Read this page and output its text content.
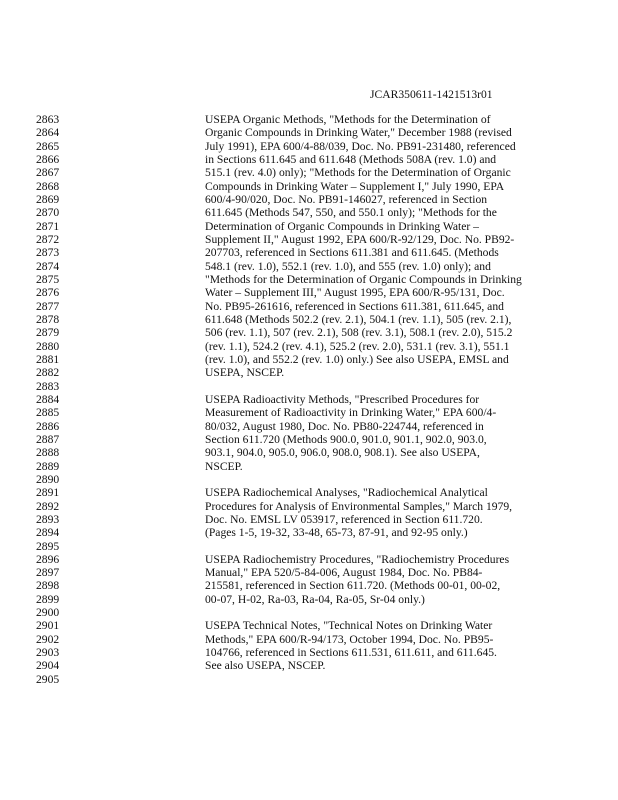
JCAR350611-1421513r01
2863	USEPA Organic Methods, "Methods for the Determination of
2864	Organic Compounds in Drinking Water," December 1988 (revised
2865	July 1991), EPA 600/4-88/039, Doc. No. PB91-231480, referenced
2866	in Sections 611.645 and 611.648 (Methods 508A (rev. 1.0) and
2867	515.1 (rev. 4.0) only); "Methods for the Determination of Organic
2868	Compounds in Drinking Water – Supplement I," July 1990, EPA
2869	600/4-90/020, Doc. No. PB91-146027, referenced in Section
2870	611.645 (Methods 547, 550, and 550.1 only); "Methods for the
2871	Determination of Organic Compounds in Drinking Water –
2872	Supplement II," August 1992, EPA 600/R-92/129, Doc. No. PB92-
2873	207703, referenced in Sections 611.381 and 611.645. (Methods
2874	548.1 (rev. 1.0), 552.1 (rev. 1.0), and 555 (rev. 1.0) only); and
2875	"Methods for the Determination of Organic Compounds in Drinking
2876	Water – Supplement III," August 1995, EPA 600/R-95/131, Doc.
2877	No. PB95-261616, referenced in Sections 611.381, 611.645, and
2878	611.648 (Methods 502.2 (rev. 2.1), 504.1 (rev. 1.1), 505 (rev. 2.1),
2879	506 (rev. 1.1), 507 (rev. 2.1), 508 (rev. 3.1), 508.1 (rev. 2.0), 515.2
2880	(rev. 1.1), 524.2 (rev. 4.1), 525.2 (rev. 2.0), 531.1 (rev. 3.1), 551.1
2881	(rev. 1.0), and 552.2 (rev. 1.0) only.) See also USEPA, EMSL and
2882	USEPA, NSCEP.
2883
2884	USEPA Radioactivity Methods, "Prescribed Procedures for
2885	Measurement of Radioactivity in Drinking Water," EPA 600/4-
2886	80/032, August 1980, Doc. No. PB80-224744, referenced in
2887	Section 611.720 (Methods 900.0, 901.0, 901.1, 902.0, 903.0,
2888	903.1, 904.0, 905.0, 906.0, 908.0, 908.1). See also USEPA,
2889	NSCEP.
2890
2891	USEPA Radiochemical Analyses, "Radiochemical Analytical
2892	Procedures for Analysis of Environmental Samples," March 1979,
2893	Doc. No. EMSL LV 053917, referenced in Section 611.720.
2894	(Pages 1-5, 19-32, 33-48, 65-73, 87-91, and 92-95 only.)
2895
2896	USEPA Radiochemistry Procedures, "Radiochemistry Procedures
2897	Manual," EPA 520/5-84-006, August 1984, Doc. No. PB84-
2898	215581, referenced in Section 611.720. (Methods 00-01, 00-02,
2899	00-07, H-02, Ra-03, Ra-04, Ra-05, Sr-04 only.)
2900
2901	USEPA Technical Notes, "Technical Notes on Drinking Water
2902	Methods," EPA 600/R-94/173, October 1994, Doc. No. PB95-
2903	104766, referenced in Sections 611.531, 611.611, and 611.645.
2904	See also USEPA, NSCEP.
2905
